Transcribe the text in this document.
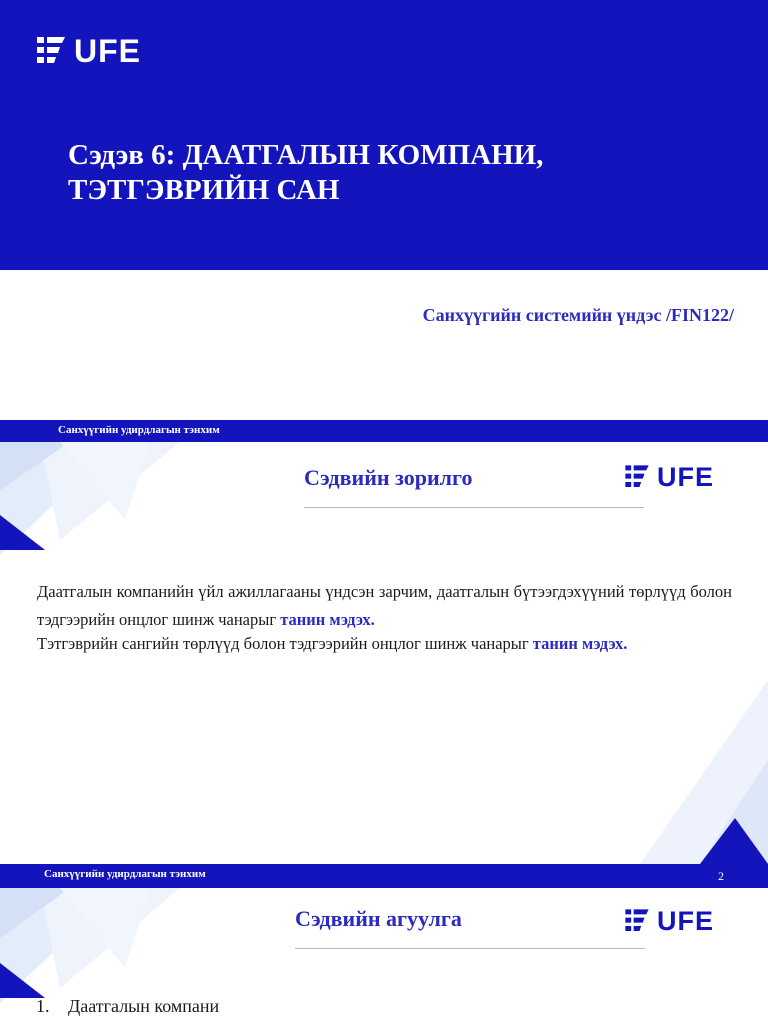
UFE
Сэдэв 6: ДААТГАЛЫН КОМПАНИ,
ТЭТГЭВРИЙН САН
Санхүүгийн системийн үндэс /FIN122/
Санхүүгийн удирдлагын тэнхим
Сэдвийн зорилго	UFE

Даатгалын компанийн үйл ажиллагааны үндсэн зарчим, даатгалын бүтээгдэхүүний төрлүүд болон тэдгээрийн онцлог шинж чанарыг танин мэдэх.

Тэтгэврийн сангийн төрлүүд болон тэдгээрийн онцлог шинж чанарыг танин мэдэх.

Санхүүгийн удирдлагын тэнхим	2
Сэдвийн агуулга	UFE
1. Даатгалын компани
